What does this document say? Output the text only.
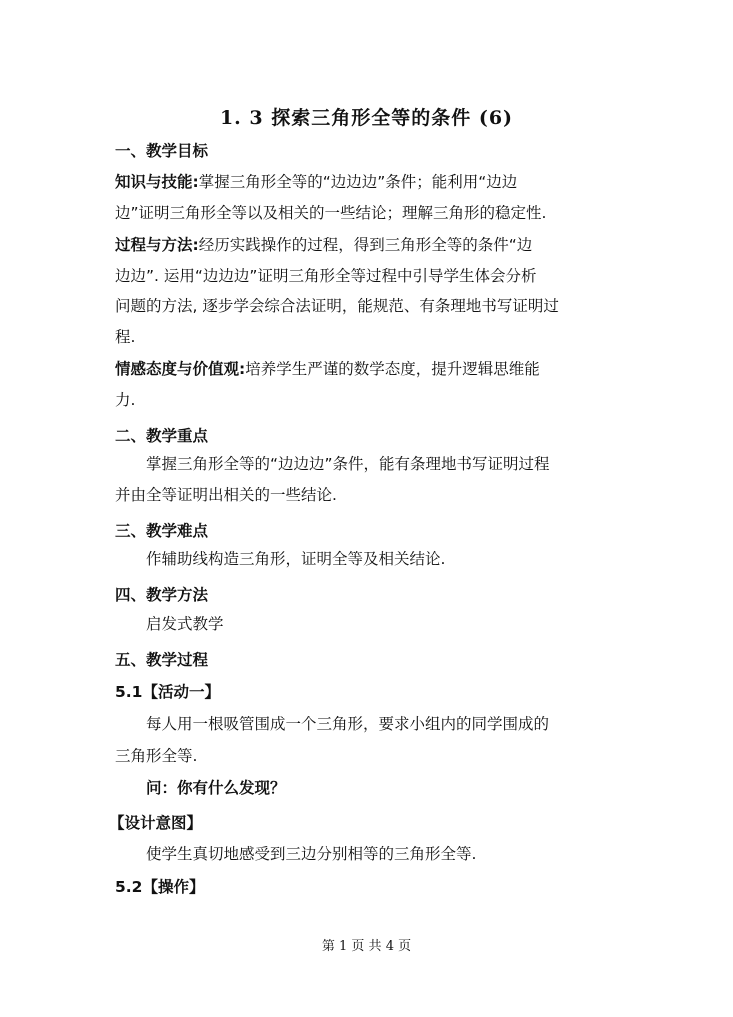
1. 3 探索三角形全等的条件 (6)
一、教学目标
知识与技能:掌握三角形全等的“边边边”条件；能利用“边边
边”证明三角形全等以及相关的一些结论；理解三角形的稳定性.
过程与方法:经历实践操作的过程，得到三角形全等的条件“边
边边”. 运用“边边边”证明三角形全等过程中引导学生体会分析
问题的方法, 逐步学会综合法证明，能规范、有条理地书写证明过
程.
情感态度与价值观:培养学生严谨的数学态度，提升逻辑思维能
力.
二、教学重点
掌握三角形全等的“边边边”条件，能有条理地书写证明过程
并由全等证明出相关的一些结论.
三、教学难点
作辅助线构造三角形，证明全等及相关结论.
四、教学方法
启发式教学
五、教学过程
5.1【活动一】
每人用一根吸管围成一个三角形，要求小组内的同学围成的
三角形全等.
问：你有什么发现？
【设计意图】
使学生真切地感受到三边分别相等的三角形全等.
5.2【操作】
第 1 页 共 4 页
